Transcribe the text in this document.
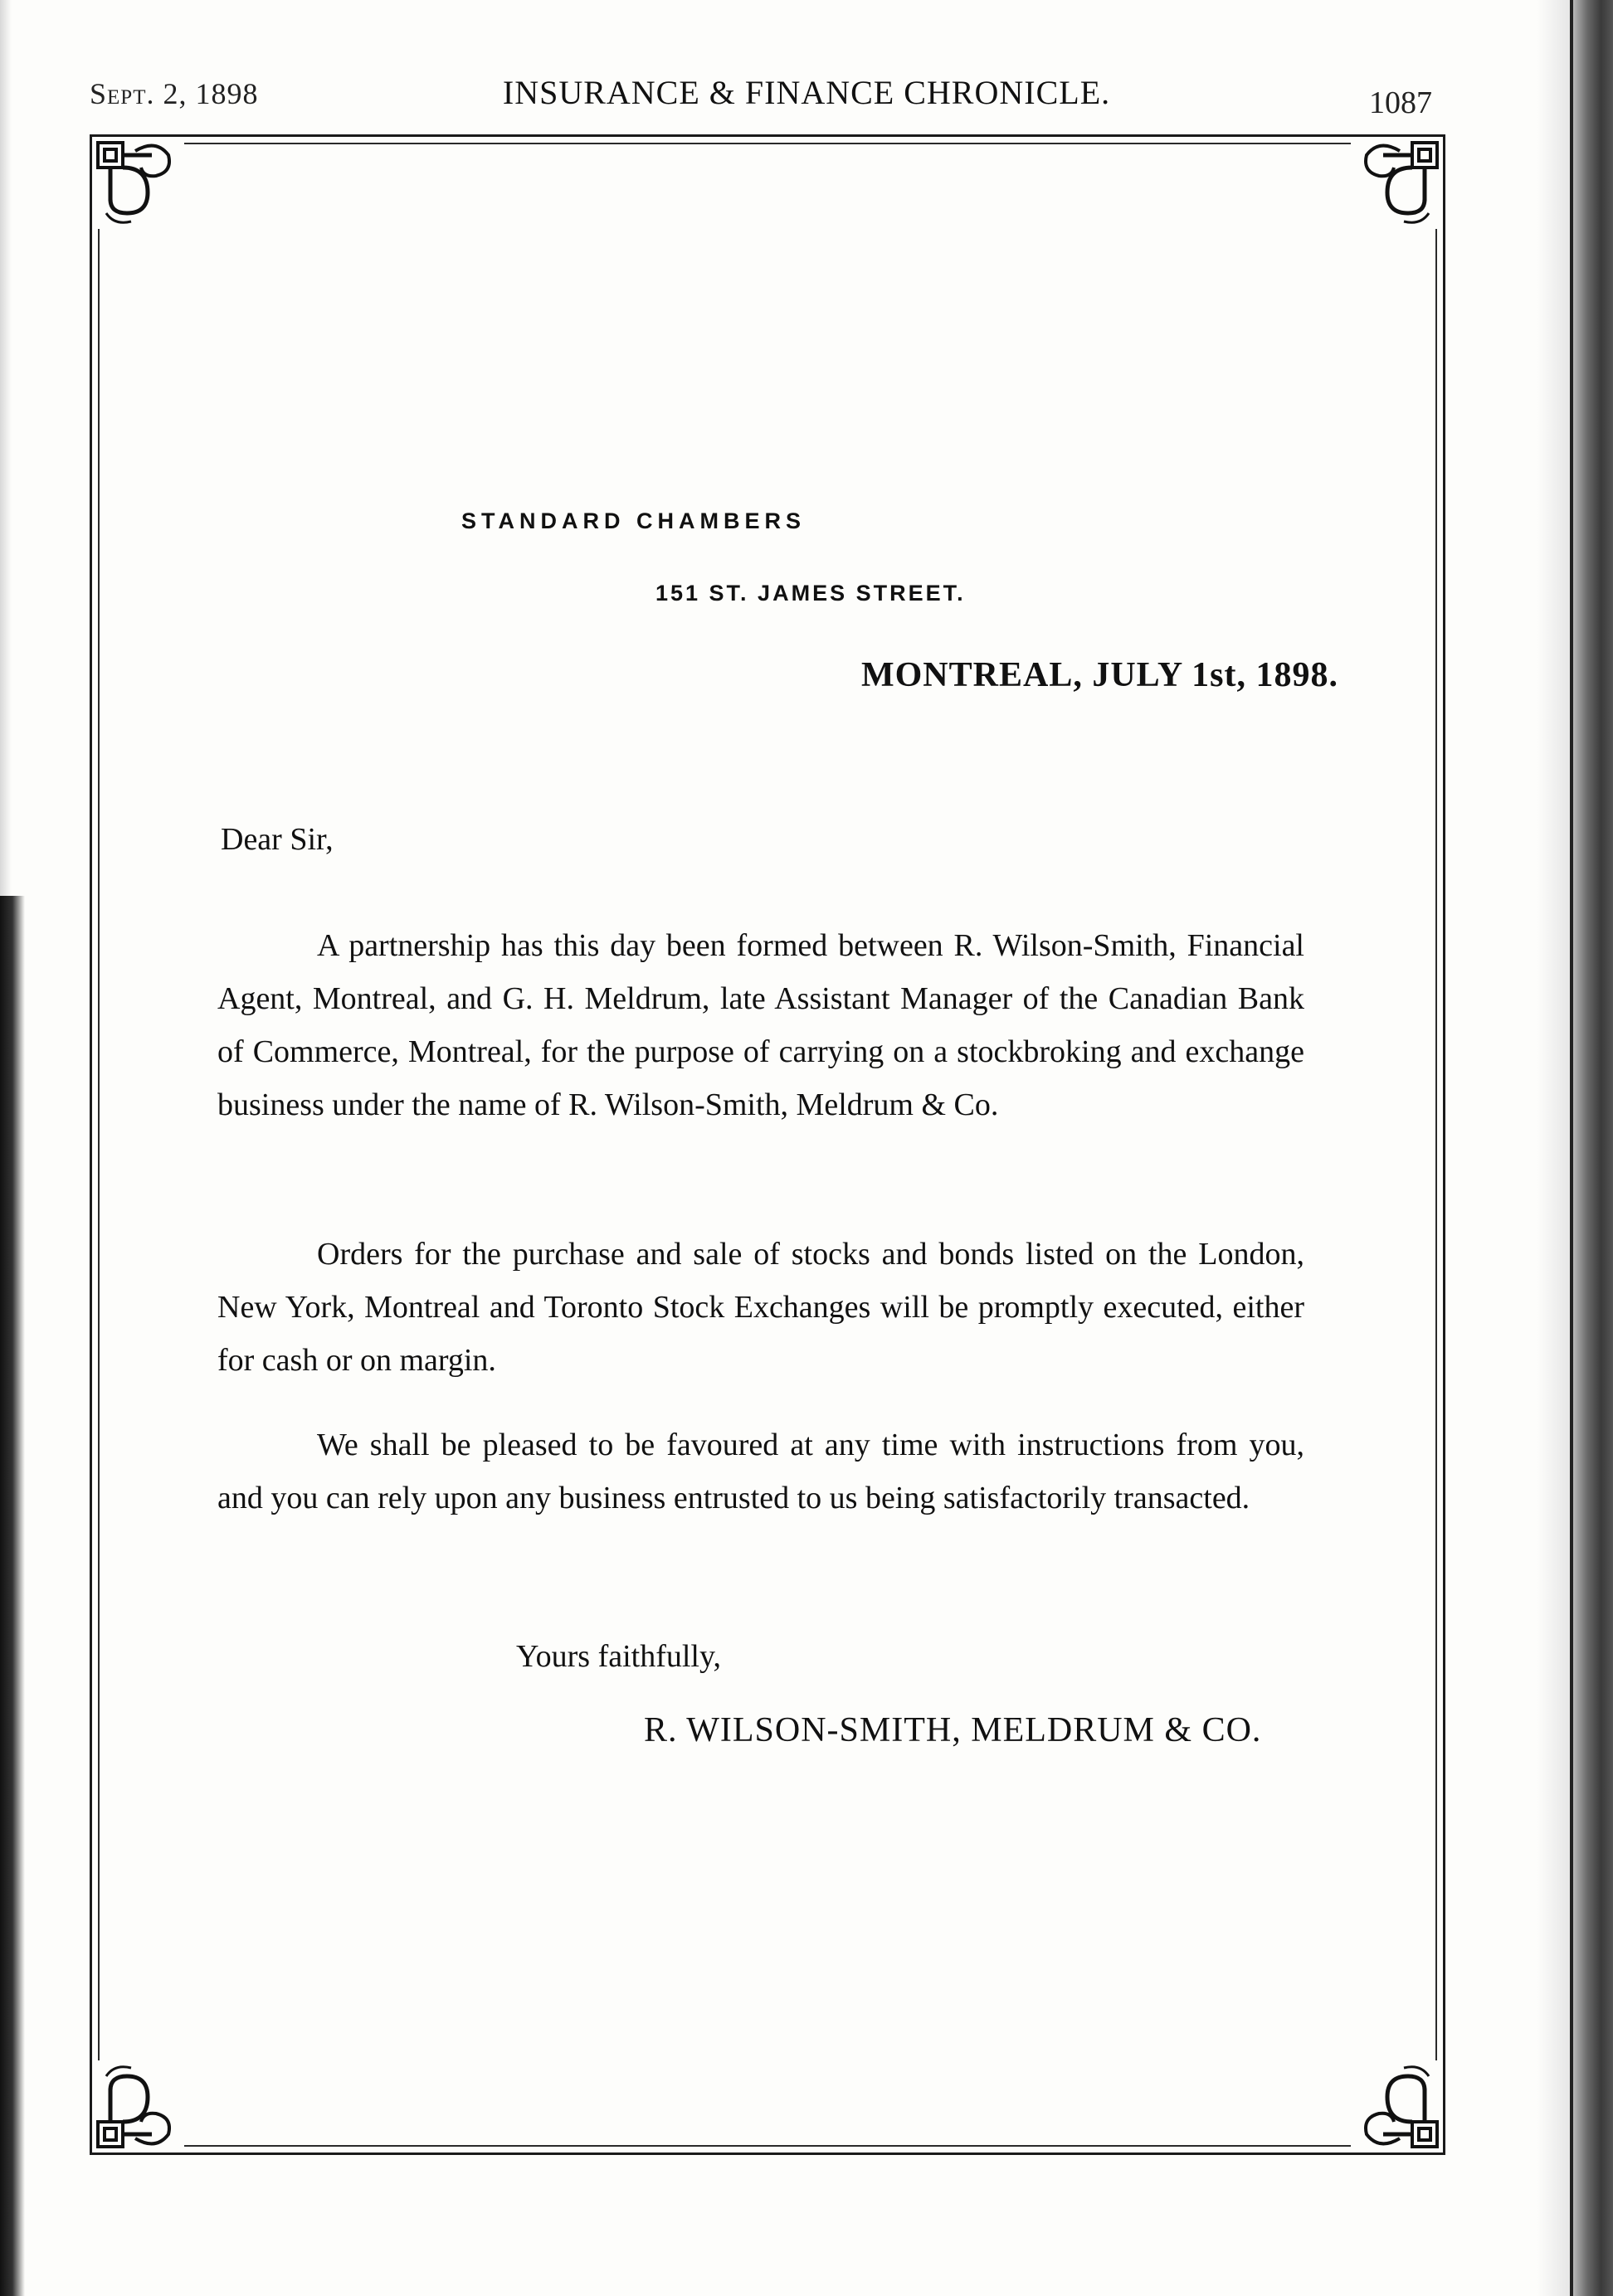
Sept. 2, 1898	INSURANCE & FINANCE CHRONICLE.	1087
STANDARD CHAMBERS
151 ST. JAMES STREET.
MONTREAL, JULY 1st, 1898.
Dear Sir,

A partnership has this day been formed between R. Wilson-Smith, Financial Agent, Montreal, and G. H. Meldrum, late Assistant Manager of the Canadian Bank of Commerce, Montreal, for the purpose of carrying on a stockbroking and exchange business under the name of R. Wilson-Smith, Meldrum & Co.

Orders for the purchase and sale of stocks and bonds listed on the London, New York, Montreal and Toronto Stock Exchanges will be promptly executed, either for cash or on margin.

We shall be pleased to be favoured at any time with instructions from you, and you can rely upon any business entrusted to us being satisfactorily transacted.

Yours faithfully,
R. WILSON-SMITH, MELDRUM & CO.
